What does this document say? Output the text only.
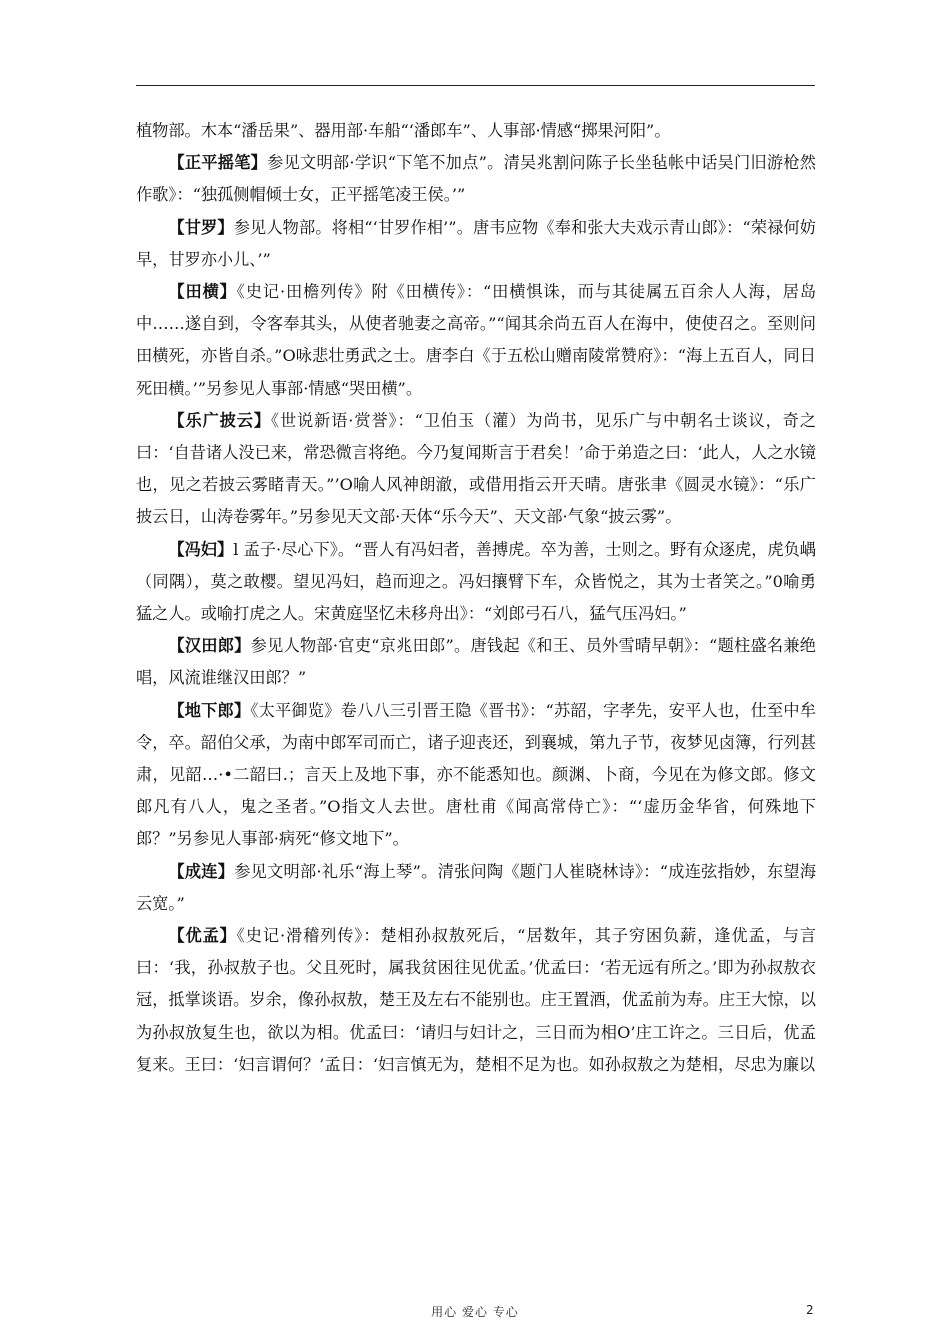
植物部。木本“潘岳果”、器用部·车船“‘潘郎车”、人事部·情感“掷果河阳”。

【正平摇笔】参见文明部·学识“下笔不加点”。清吴兆割问陈子长坐毡帐中话吴门旧游枪然作歌》：“独孤侧帽倾士女，正平摇笔凌王侯。’”

【甘罗】参见人物部。将相“‘甘罗作相’”。唐韦应物《奉和张大夫戏示青山郎》：“荣禄何妨早，甘罗亦小儿、’”

【田横】《史记·田檐列传》附《田横传》：“田横惧诛，而与其徒属五百余人人海，居岛中……遂自到，令客奉其头，从使者驰妻之高帝。”“闻其余尚五百人在海中，使使召之。至则问田横死，亦皆自杀。”O咏悲壮勇武之士。唐李白《于五松山赠南陵常赞府》：“海上五百人，同日死田横。’”另参见人事部·情感“哭田横”。

【乐广披云】《世说新语·赏誉》：“卫伯玉（灌）为尚书，见乐广与中朝名士谈议，奇之曰：‘自昔诸人没已来，常恐微言将绝。今乃复闻斯言于君矣！’命于弟造之曰：‘此人，人之水镜也，见之若披云雾睹青天。”’O喻人风神朗澈，或借用指云开天晴。唐张聿《圆灵水镜》：“乐广披云日，山涛卷雾年。”另参见天文部·天体“乐今天”、天文部·气象“披云雾”。

【冯妇】l 孟子·尽心下》。“晋人有冯妇者，善搏虎。卒为善，士则之。野有众逐虎，虎负嵎（同隅），莫之敢樱。望见冯妇，趋而迎之。冯妇攘臂下车，众皆悦之，其为士者笑之。”0喻勇猛之人。或喻打虎之人。宋黄庭坚忆未移舟出》：“刘郎弓石八，猛气压冯妇。”

【汉田郎】参见人物部·官吏“京兆田郎”。唐钱起《和王、员外雪晴早朝》：“题柱盛名兼绝唱，风流谁继汉田郎？”

【地下郎】《太平御览》卷八八三引晋王隐《晋书》：“苏韶，字孝先，安平人也，仕至中牟令，卒。韶伯父承，为南中郎军司而亡，诸子迎丧还，到襄城，第九子节，夜梦见卤簿，行列甚肃，见韶…·•二韶曰.；言天上及地下事，亦不能悉知也。颜渊、卜商，今见在为修文郎。修文郎凡有八人，鬼之圣者。”O指文人去世。唐杜甫《闻高常侍亡》：“‘虚历金华省，何殊地下郎？”另参见人事部·病死“修文地下”。

【成连】参见文明部·礼乐“海上琴”。清张问陶《题门人崔晓林诗》：“成连弦指妙，东望海云宽。”

【优孟】《史记·滑稽列传》：楚相孙叔敖死后，“居数年，其子穷困负薪，逢优孟，与言曰：‘我，孙叔敖子也。父且死时，属我贫困往见优孟。’优孟曰：‘若无远有所之。’即为孙叔敖衣冠，抵掌谈语。岁余，像孙叔敖，楚王及左右不能别也。庄王置酒，优孟前为寿。庄王大惊，以为孙叔放复生也，欲以为相。优孟曰：‘请归与妇计之，三日而为相O’庄工许之。三日后，优孟复来。王曰：‘妇言谓何？’孟日：‘妇言慎无为，楚相不足为也。如孙叔敖之为楚相，尽忠为廉以

用心 爱心 专心	2
